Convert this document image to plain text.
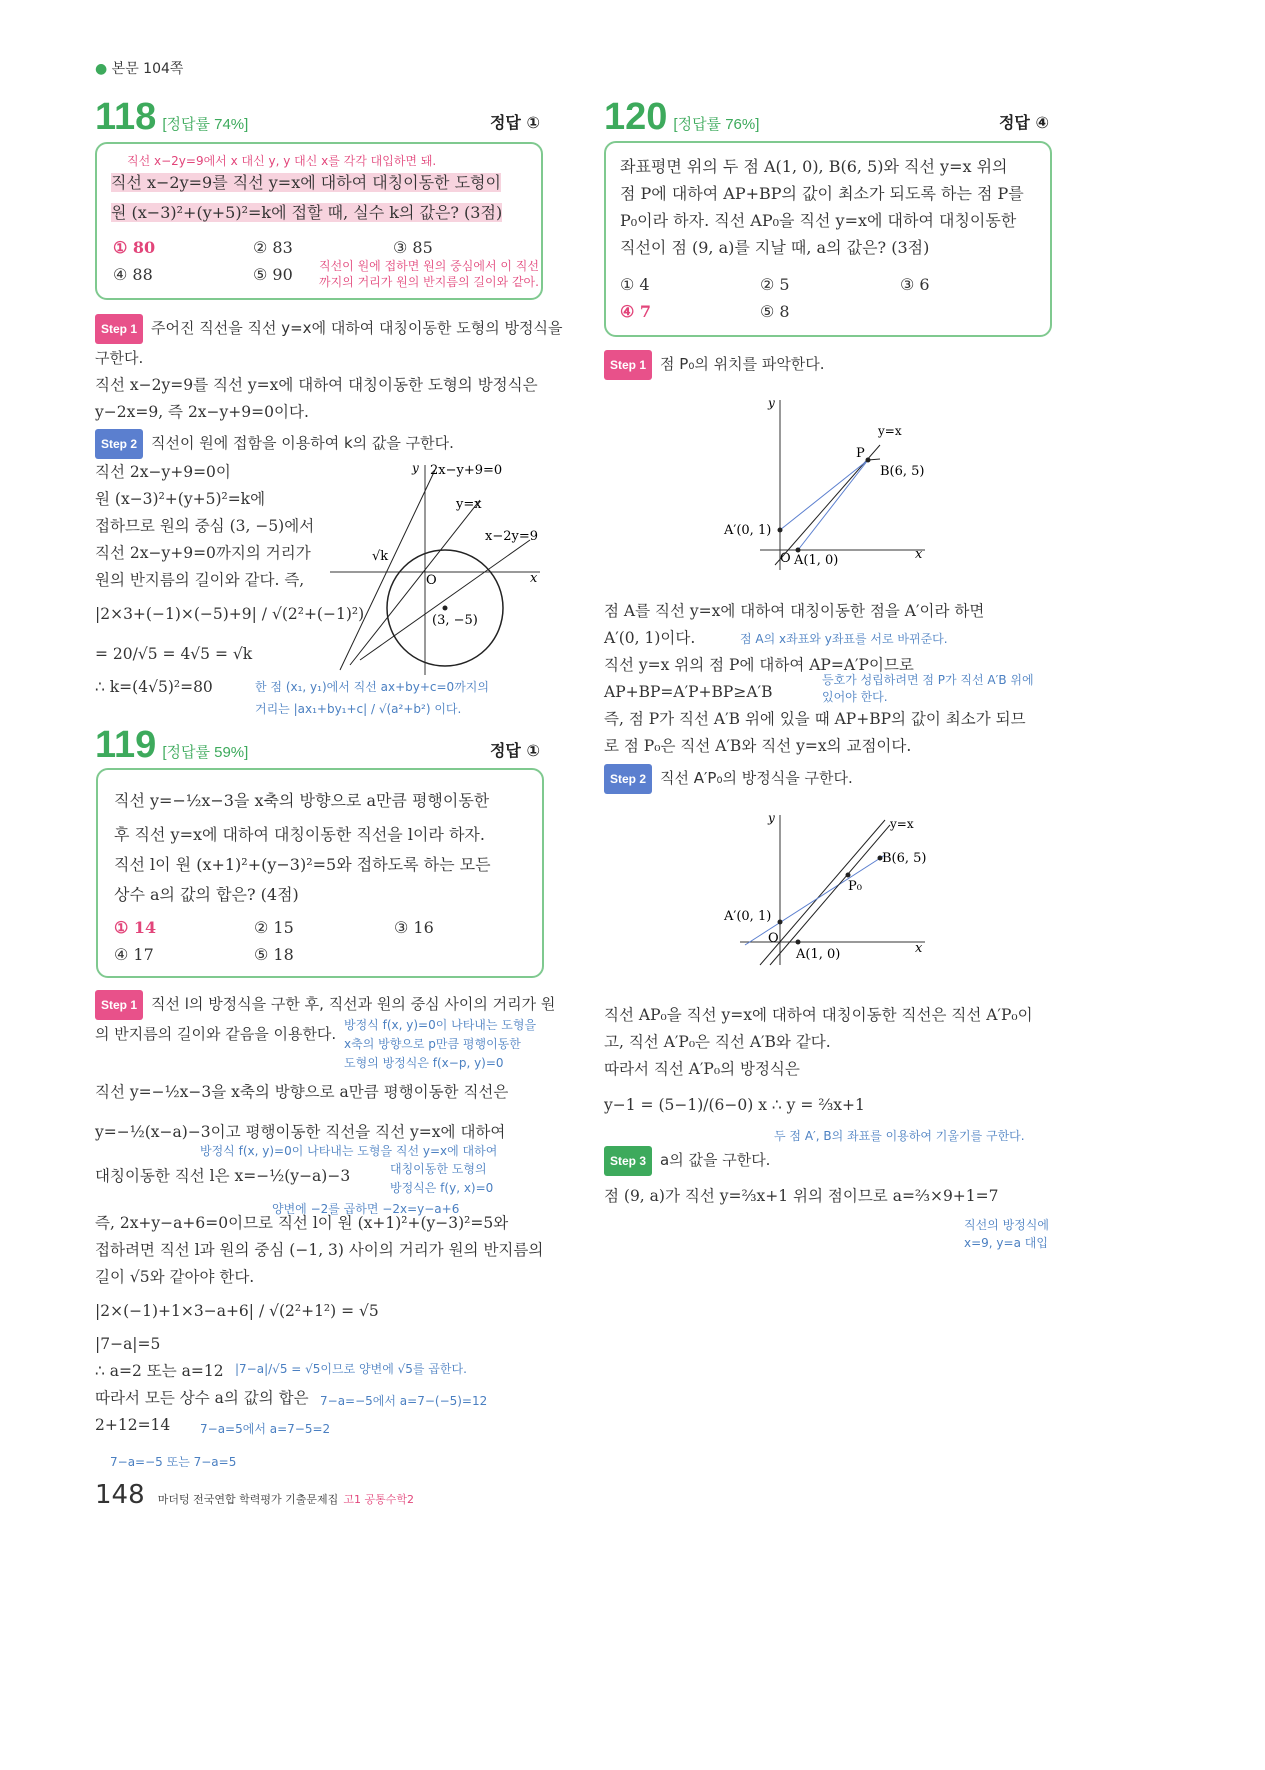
● 본문 104쪽
118 [정답률 74%]	정답 ①
직선 x−2y=9에서 x 대신 y, y 대신 x를 각각 대입하면 돼.
직선 x−2y=9를 직선 y=x에 대하여 대칭이동한 도형이
원 (x−3)²+(y+5)²=k에 접할 때, 실수 k의 값은? (3점)
① 80	② 83	③ 85
④ 88	⑤ 90	직선이 원에 접하면 원의 중심에서 이 직선
까지의 거리가 원의 반지름의 길이와 같아.
Step 1 주어진 직선을 직선 y=x에 대하여 대칭이동한 도형의 방정식을
구한다.
직선 x−2y=9를 직선 y=x에 대하여 대칭이동한 도형의 방정식은
y−2x=9, 즉 2x−y+9=0이다.
Step 2 직선이 원에 접함을 이용하여 k의 값을 구한다.
직선 2x−y+9=0이
원 (x−3)²+(y+5)²=k에
접하므로 원의 중심 (3, −5)에서
직선 2x−y+9=0까지의 거리가
원의 반지름의 길이와 같다. 즉,
|2×3+(−1)×(−5)+9| / √(2²+(−1)²)
= 20/√5 = 4√5 = √k
∴ k=(4√5)²=80	한 점 (x₁, y₁)에서 직선 ax+by+c=0까지의
거리는 |ax₁+by₁+c| / √(a²+b²) 이다.
y 2x−y+9=0
y=x
x−2y=9
√k
O
(3, −5)
x
119 [정답률 59%]	정답 ①
직선 y=−½x−3을 x축의 방향으로 a만큼 평행이동한
후 직선 y=x에 대하여 대칭이동한 직선을 l이라 하자.
직선 l이 원 (x+1)²+(y−3)²=5와 접하도록 하는 모든
상수 a의 값의 합은? (4점)
① 14	② 15	③ 16
④ 17	⑤ 18
Step 1 직선 l의 방정식을 구한 후, 직선과 원의 중심 사이의 거리가 원
의 반지름의 길이와 같음을 이용한다.
직선 y=−½x−3을 x축의 방향으로 a만큼 평행이동한 직선은
y=−½(x−a)−3이고 평행이동한 직선을 직선 y=x에 대하여
대칭이동한 직선 l은 x=−½(y−a)−3
즉, 2x+y−a+6=0이므로 직선 l이 원 (x+1)²+(y−3)²=5와
접하려면 직선 l과 원의 중심 (−1, 3) 사이의 거리가 원의 반지름의
길이 √5와 같아야 한다.
|2×(−1)+1×3−a+6| / √(2²+1²) = √5
|7−a|=5
∴ a=2 또는 a=12
따라서 모든 상수 a의 값의 합은
2+12=14
방정식 f(x, y)=0이 나타내는 도형을
x축의 방향으로 p만큼 평행이동한
도형의 방정식은 f(x−p, y)=0
방정식 f(x, y)=0이 나타내는 도형을 직선 y=x에 대하여
대칭이동한 도형의
방정식은 f(y, x)=0
양변에 −2를 곱하면 −2x=y−a+6
|7−a|/√5 = √5이므로 양변에 √5를 곱한다.
7−a=−5에서 a=7−(−5)=12
7−a=5에서 a=7−5=2
7−a=−5 또는 7−a=5
120 [정답률 76%]	정답 ④
좌표평면 위의 두 점 A(1, 0), B(6, 5)와 직선 y=x 위의
점 P에 대하여 AP+BP의 값이 최소가 되도록 하는 점 P를
P₀이라 하자. 직선 AP₀을 직선 y=x에 대하여 대칭이동한
직선이 점 (9, a)를 지날 때, a의 값은? (3점)
① 4	② 5	③ 6
④ 7	⑤ 8
Step 1 점 P₀의 위치를 파악한다.
y
y=x
P
B(6, 5)
A′(0, 1)
O A(1, 0)	x
점 A를 직선 y=x에 대하여 대칭이동한 점을 A′이라 하면
A′(0, 1)이다.
직선 y=x 위의 점 P에 대하여 AP=A′P이므로
AP+BP=A′P+BP≥A′B
즉, 점 P가 직선 A′B 위에 있을 때 AP+BP의 값이 최소가 되므
로 점 P₀은 직선 A′B와 직선 y=x의 교점이다.
Step 2 직선 A′P₀의 방정식을 구한다.
점 A의 x좌표와 y좌표를 서로 바뀌준다.
등호가 성립하려면 점 P가 직선 A′B 위에
있어야 한다.
y	y=x
B(6, 5)
P₀
A′(0, 1)
O
A(1, 0)	x
직선 AP₀을 직선 y=x에 대하여 대칭이동한 직선은 직선 A′P₀이
고, 직선 A′P₀은 직선 A′B와 같다.
따라서 직선 A′P₀의 방정식은
y−1 = (5−1)/(6−0) x ∴ y = ⅔x+1
두 점 A′, B의 좌표를 이용하여 기울기를 구한다.
Step 3 a의 값을 구한다.
점 (9, a)가 직선 y=⅔x+1 위의 점이므로 a=⅔×9+1=7
직선의 방정식에
x=9, y=a 대입
148 마더텅 전국연합 학력평가 기출문제집 고1 공통수학2
